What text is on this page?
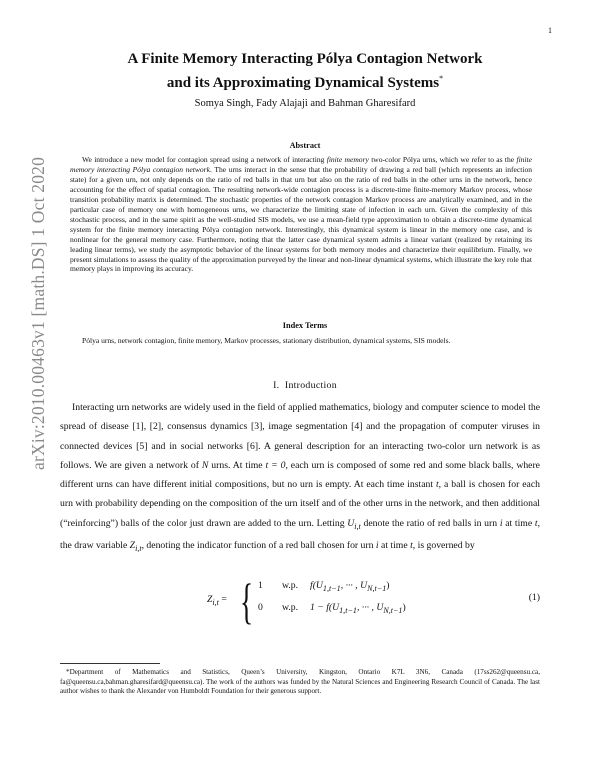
1
arXiv:2010.00463v1 [math.DS] 1 Oct 2020
A Finite Memory Interacting Pólya Contagion Network
and its Approximating Dynamical Systems*
Somya Singh, Fady Alajaji and Bahman Gharesifard
Abstract
We introduce a new model for contagion spread using a network of interacting finite memory two-color Pólya urns, which we refer to as the finite memory interacting Pólya contagion network. The urns interact in the sense that the probability of drawing a red ball (which represents an infection state) for a given urn, not only depends on the ratio of red balls in that urn but also on the ratio of red balls in the other urns in the network, hence accounting for the effect of spatial contagion. The resulting network-wide contagion process is a discrete-time finite-memory Markov process, whose transition probability matrix is determined. The stochastic properties of the network contagion Markov process are analytically examined, and in the particular case of memory one with homogeneous urns, we characterize the limiting state of infection in each urn. Given the complexity of this stochastic process, and in the same spirit as the well-studied SIS models, we use a mean-field type approximation to obtain a discrete-time dynamical system for the finite memory interacting Pólya contagion network. Interestingly, this dynamical system is linear in the memory one case, and is nonlinear for the general memory case. Furthermore, noting that the latter case dynamical system admits a linear variant (realized by retaining its leading linear terms), we study the asymptotic behavior of the linear systems for both memory modes and characterize their equilibrium. Finally, we present simulations to assess the quality of the approximation purveyed by the linear and non-linear dynamical systems, which illustrate the key role that memory plays in improving its accuracy.
Index Terms
Pólya urns, network contagion, finite memory, Markov processes, stationary distribution, dynamical systems, SIS models.
I. Introduction
Interacting urn networks are widely used in the field of applied mathematics, biology and computer science to model the spread of disease [1], [2], consensus dynamics [3], image segmentation [4] and the propagation of computer viruses in connected devices [5] and in social networks [6]. A general description for an interacting two-color urn network is as follows. We are given a network of N urns. At time t = 0, each urn is composed of some red and some black balls, where different urns can have different initial compositions, but no urn is empty. At each time instant t, a ball is chosen for each urn with probability depending on the composition of the urn itself and of the other urns in the network, and then additional (“reinforcing”) balls of the color just drawn are added to the urn. Letting $U_{i,t}$ denote the ratio of red balls in urn i at time t, the draw variable $Z_{i,t}$, denoting the indicator function of a red ball chosen for urn i at time t, is governed by
$Z_{i,t}$ = { 1 w.p. $f(U_{1,t-1}$, ··· , $U_{N,t-1}$)
0 w.p. $1 - f(U_{1,t-1}$, ··· , $U_{N,t-1}$)
(1)
*Department of Mathematics and Statistics, Queen’s University, Kingston, Ontario K7L 3N6, Canada (17ss262@queensu.ca, fa@queensu.ca,bahman.gharesifard@queensu.ca). The work of the authors was funded by the Natural Sciences and Engineering Research Council of Canada. The last author wishes to thank the Alexander von Humboldt Foundation for their generous support.
